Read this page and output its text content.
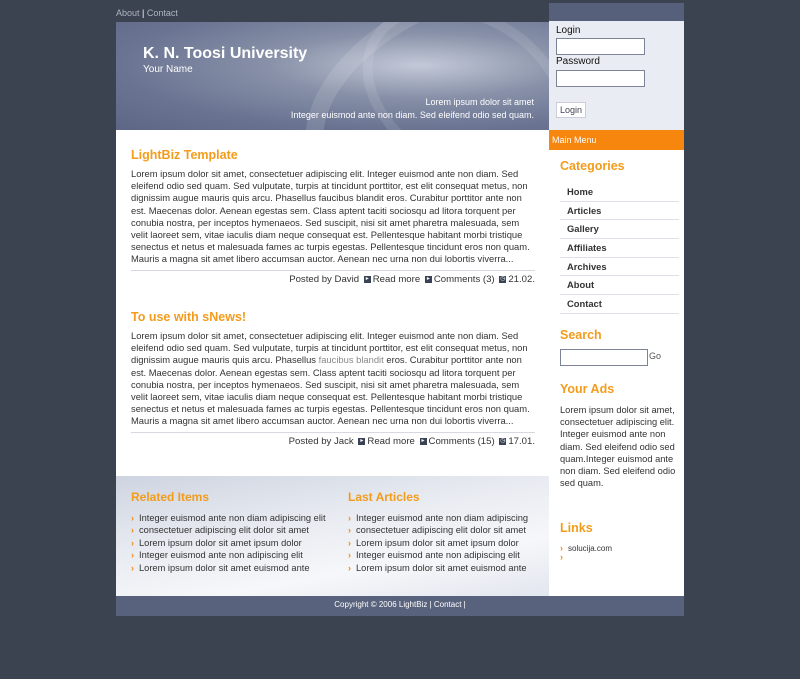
About | Contact
K. N. Toosi University
Your Name
Lorem ipsum dolor sit amet
Integer euismod ante non diam. Sed eleifend odio sed quam.
Login
Password
Login
LightBiz Template

Lorem ipsum dolor sit amet, consectetuer adipiscing elit. Integer euismod ante non diam. Sed eleifend odio sed quam. Sed vulputate, turpis at tincidunt porttitor, est elit consequat metus, non dignissim augue mauris quis arcu. Phasellus faucibus blandit eros. Curabitur porttitor ante non est. Maecenas dolor. Aenean egestas sem. Class aptent taciti sociosqu ad litora torquent per conubia nostra, per inceptos hymenaeos. Sed suscipit, nisi sit amet pharetra malesuada, sem velit laoreet sem, vitae iaculis diam neque consequat est. Pellentesque habitant morbi tristique senectus et netus et malesuada fames ac turpis egestas. Pellentesque tincidunt eros non quam. Mauris a magna sit amet libero accumsan auctor. Aenean nec urna non dui lobortis viverra...

Posted by David ▸ Read more ▸ Comments (3) ◷ 21.02.
To use with sNews!

Lorem ipsum dolor sit amet, consectetuer adipiscing elit. Integer euismod ante non diam. Sed eleifend odio sed quam. Sed vulputate, turpis at tincidunt porttitor, est elit consequat metus, non dignissim augue mauris quis arcu. Phasellus faucibus blandit eros. Curabitur porttitor ante non est. Maecenas dolor. Aenean egestas sem. Class aptent taciti sociosqu ad litora torquent per conubia nostra, per inceptos hymenaeos. Sed suscipit, nisi sit amet pharetra malesuada, sem velit laoreet sem, vitae iaculis diam neque consequat est. Pellentesque habitant morbi tristique senectus et netus et malesuada fames ac turpis egestas. Pellentesque tincidunt eros non quam. Mauris a magna sit amet libero accumsan auctor. Aenean nec urna non dui lobortis viverra...

Posted by Jack ▸ Read more ▸ Comments (15) ◷ 17.01.
Related Items
› Integer euismod ante non diam adipiscing elit
› consectetuer adipiscing elit dolor sit amet
› Lorem ipsum dolor sit amet ipsum dolor
› Integer euismod ante non adipiscing elit
› Lorem ipsum dolor sit amet euismod ante
Last Articles
› Integer euismod ante non diam adipiscing
› consectetuer adipiscing elit dolor sit amet
› Lorem ipsum dolor sit amet ipsum dolor
› Integer euismod ante non adipiscing elit
› Lorem ipsum dolor sit amet euismod ante
Main Menu
Categories
Home
Articles
Gallery
Affiliates
Archives
About
Contact
Search
Go
Your Ads
Lorem ipsum dolor sit amet, consectetuer adipiscing elit. Integer euismod ante non diam. Sed eleifend odio sed quam.Integer euismod ante non diam. Sed eleifend odio sed quam.
Links
› solucija.com
›
Copyright © 2006 LightBiz | Contact |
